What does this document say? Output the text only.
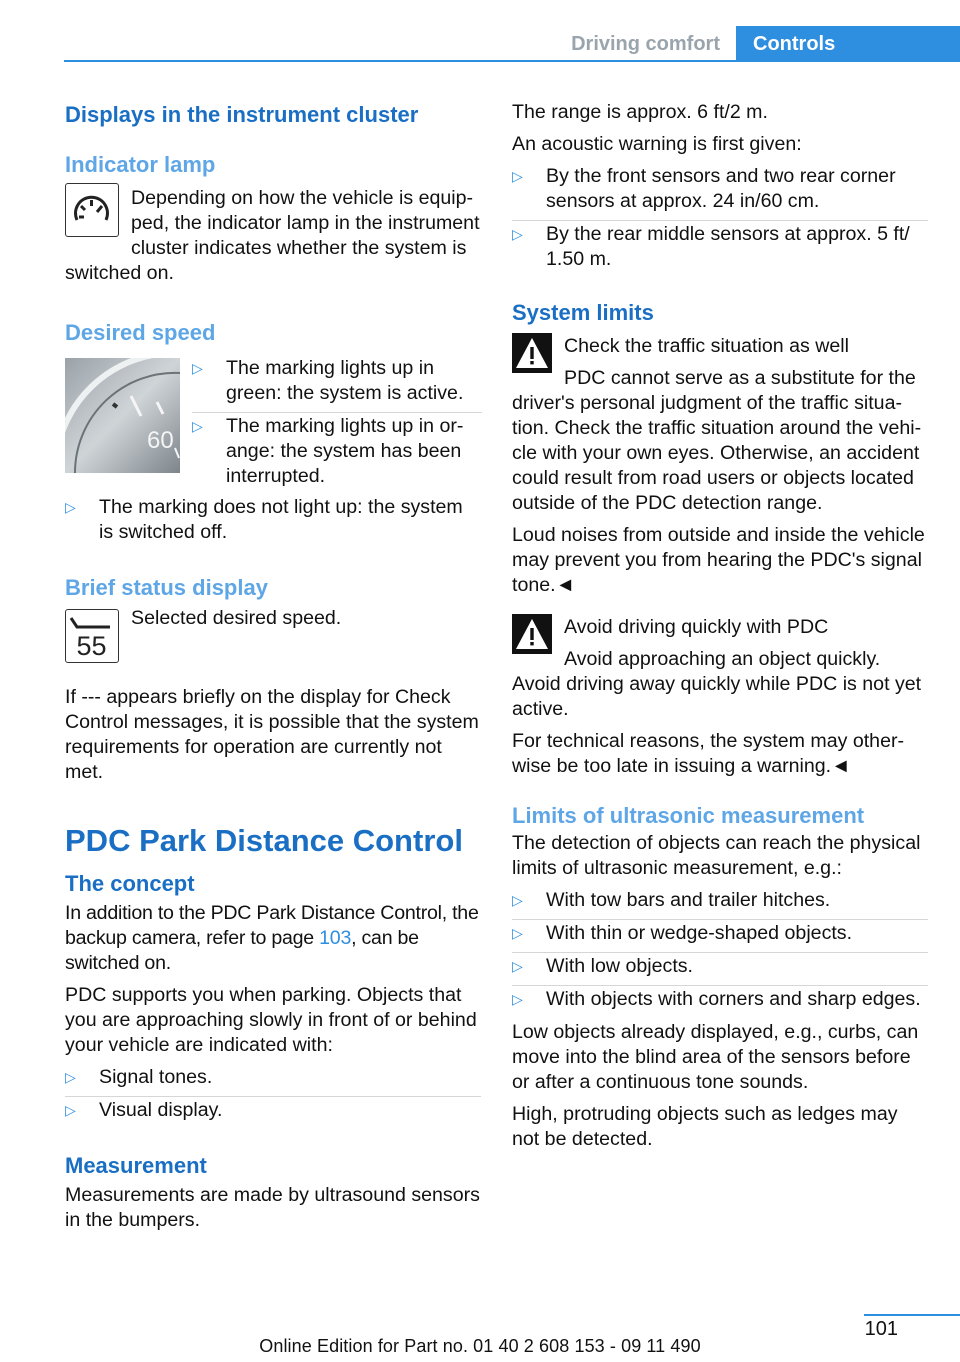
Driving comfort	Controls
Displays in the instrument cluster
Indicator lamp

Depending on how the vehicle is equip‐

ped, the indicator lamp in the instrument

cluster indicates whether the system is

switched on.

Desired speed
60
▷ The marking lights up in green: the system is active.
▷ The marking lights up in or‐ ange: the system has been interrupted.
▷ The marking does not light up: the system is switched off.
Brief status display
55

Selected desired speed.

If --- appears briefly on the display for Check Control messages, it is possible that the system requirements for operation are currently not met.

PDC Park Distance Control
The concept

In addition to the PDC Park Distance Control, the backup camera, refer to page 103, can be switched on.

PDC supports you when parking. Objects that you are approaching slowly in front of or behind your vehicle are indicated with:

▷ Signal tones.
▷ Visual display.
Measurement

Measurements are made by ultrasound sensors in the bumpers.

The range is approx. 6 ft/2 m.

An acoustic warning is first given:

▷ By the front sensors and two rear corner sensors at approx. 24 in/60 cm.
▷ By the rear middle sensors at approx. 5 ft/ 1.50 m.
System limits

Check the traffic situation as well

PDC cannot serve as a substitute for the

driver's personal judgment of the traffic situa‐ tion. Check the traffic situation around the vehi‐ cle with your own eyes. Otherwise, an accident could result from road users or objects located outside of the PDC detection range.

Loud noises from outside and inside the vehicle may prevent you from hearing the PDC's signal tone.◄

Avoid driving quickly with PDC

Avoid approaching an object quickly.

Avoid driving away quickly while PDC is not yet active.

For technical reasons, the system may other‐ wise be too late in issuing a warning.◄

Limits of ultrasonic measurement

The detection of objects can reach the physical limits of ultrasonic measurement, e.g.:

▷ With tow bars and trailer hitches.
▷ With thin or wedge-shaped objects.
▷ With low objects.
▷ With objects with corners and sharp edges.

Low objects already displayed, e.g., curbs, can move into the blind area of the sensors before or after a continuous tone sounds.

High, protruding objects such as ledges may not be detected.

101
Online Edition for Part no. 01 40 2 608 153 - 09 11 490
